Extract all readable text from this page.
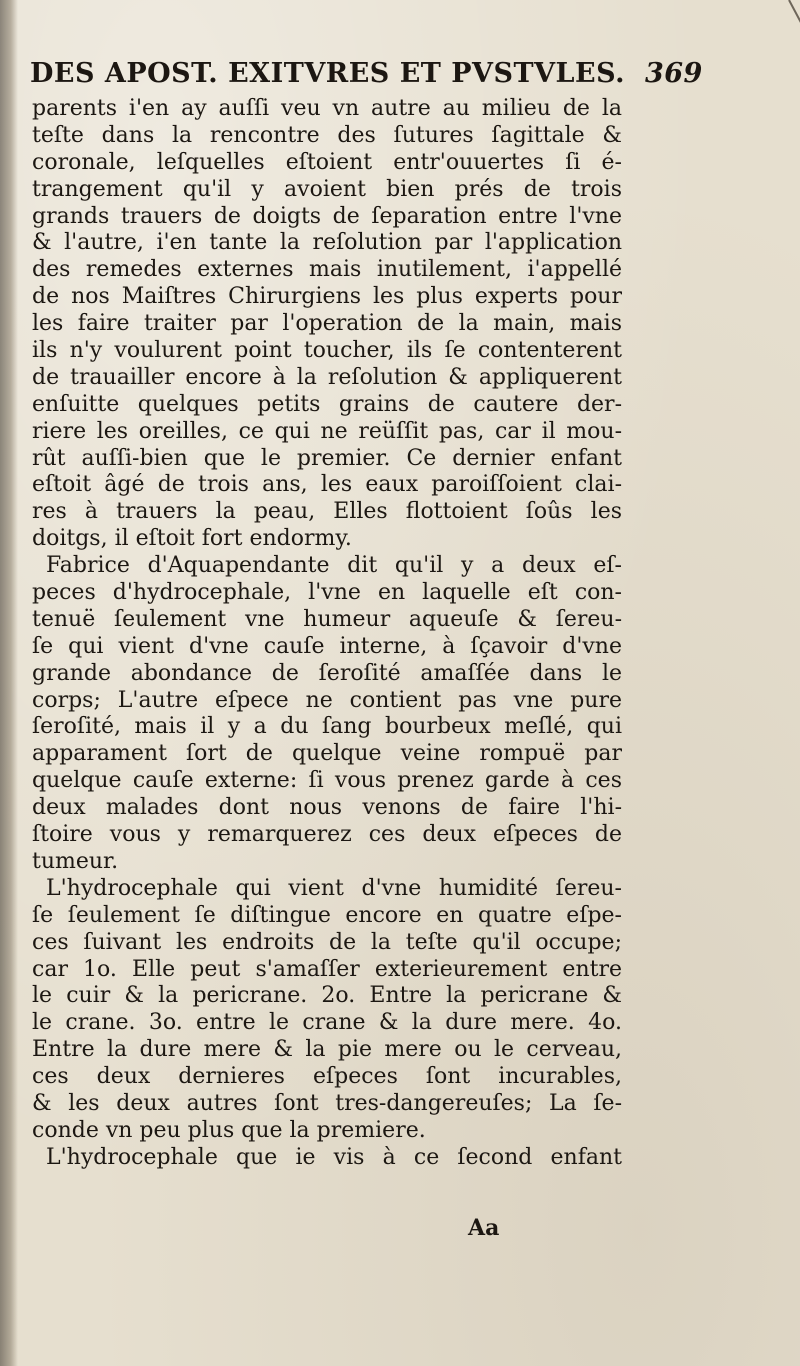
DES APOST. EXITVRES ET PVSTVLES. 369
parents i'en ay auſſi veu vn autre au milieu de la
teſte dans la rencontre des ſutures ſagittale &
coronale, leſquelles eſtoient entr'ouuertes ſi é-
trangement qu'il y avoient bien prés de trois
grands trauers de doigts de ſeparation entre l'vne
& l'autre, i'en tante la reſolution par l'application
des remedes externes mais inutilement, i'appellé
de nos Maiſtres Chirurgiens les plus experts pour
les faire traiter par l'operation de la main, mais
ils n'y voulurent point toucher, ils ſe contenterent
de trauailler encore à la reſolution & appliquerent
enſuitte quelques petits grains de cautere der-
riere les oreilles, ce qui ne reüſſit pas, car il mou-
rût auſſi-bien que le premier. Ce dernier enfant
eſtoit âgé de trois ans, les eaux paroiſſoient clai-
res à trauers la peau, Elles flottoient ſoûs les
doitgs, il eſtoit fort endormy.
Fabrice d'Aquapendante dit qu'il y a deux eſ-
peces d'hydrocephale, l'vne en laquelle eſt con-
tenuë ſeulement vne humeur aqueuſe & ſereu-
ſe qui vient d'vne cauſe interne, à ſçavoir d'vne
grande abondance de ſeroſité amaſſée dans le
corps; L'autre eſpece ne contient pas vne pure
ſeroſité, mais il y a du ſang bourbeux meſlé, qui
apparament ſort de quelque veine rompuë par
quelque cauſe externe: ſi vous prenez garde à ces
deux malades dont nous venons de faire l'hi-
ſtoire vous y remarquerez ces deux eſpeces de
tumeur.
L'hydrocephale qui vient d'vne humidité ſereu-
ſe ſeulement ſe diſtingue encore en quatre eſpe-
ces ſuivant les endroits de la teſte qu'il occupe;
car 1o. Elle peut s'amaſſer exterieurement entre
le cuir & la pericrane. 2o. Entre la pericrane &
le crane. 3o. entre le crane & la dure mere. 4o.
Entre la dure mere & la pie mere ou le cerveau,
ces deux dernieres eſpeces ſont incurables,
& les deux autres ſont tres-dangereuſes; La ſe-
conde vn peu plus que la premiere.
L'hydrocephale que ie vis à ce ſecond enfant
Aa
